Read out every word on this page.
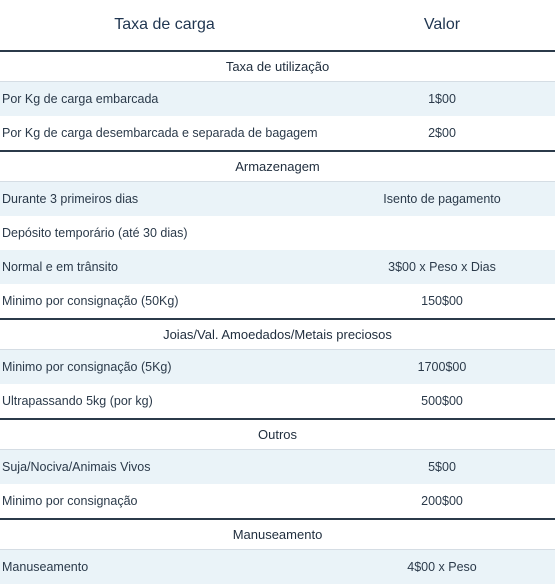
Taxa de carga	Valor
Taxa de utilização
Por Kg de carga embarcada	1$00
Por Kg de carga desembarcada e separada de bagagem	2$00
Armazenagem
Durante 3 primeiros dias	Isento de pagamento
Depósito temporário (até 30 dias)
Normal e em trânsito	3$00 x Peso x Dias
Minimo por consignação (50Kg)	150$00
Joias/Val. Amoedados/Metais preciosos
Minimo por consignação (5Kg)	1700$00
Ultrapassando 5kg (por kg)	500$00
Outros
Suja/Nociva/Animais Vivos	5$00
Minimo por consignação	200$00
Manuseamento
Manuseamento	4$00 x Peso
